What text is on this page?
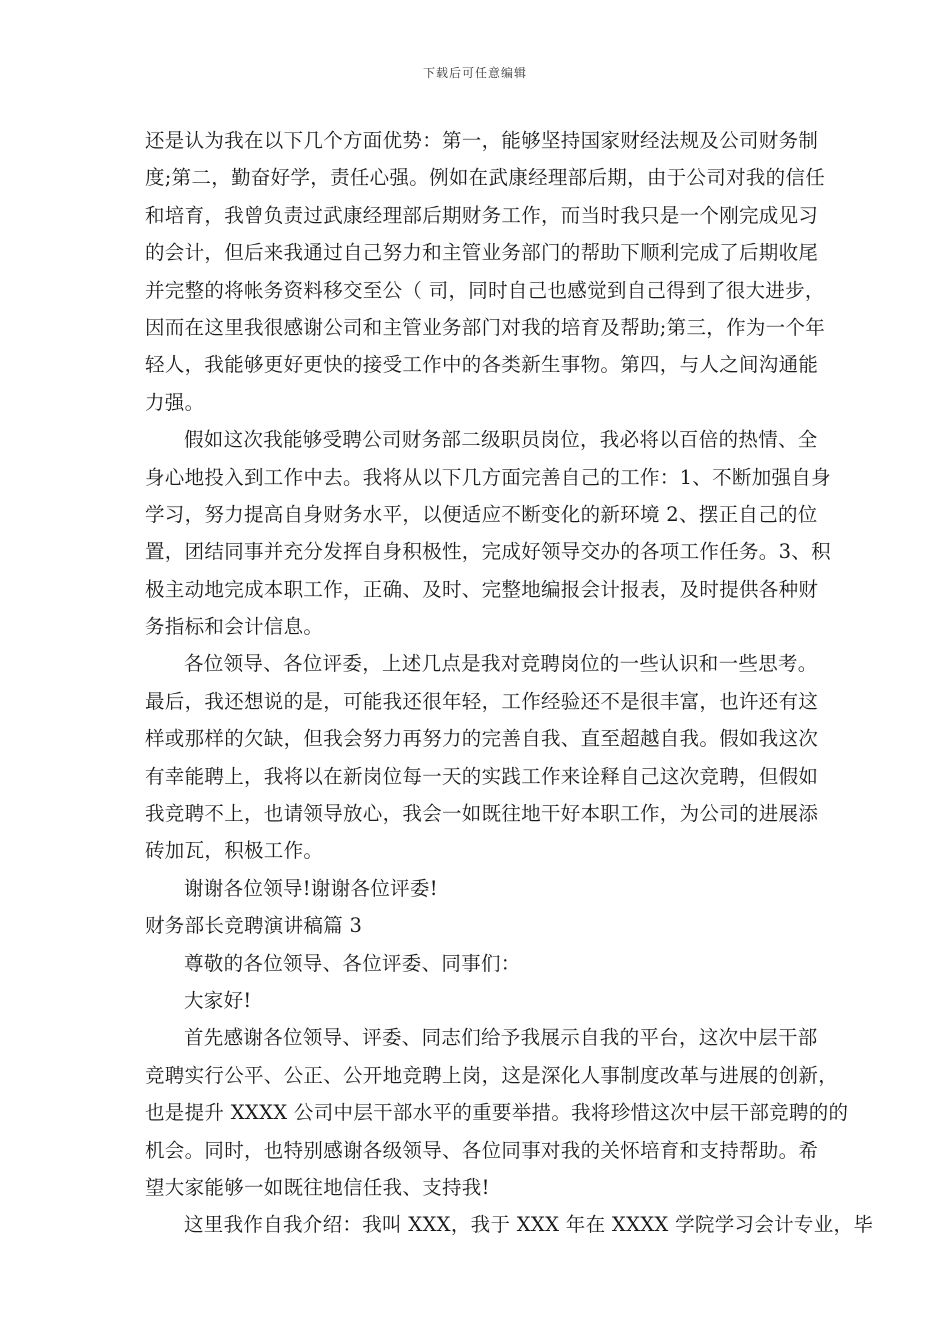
下载后可任意编辑
还是认为我在以下几个方面优势：第一，能够坚持国家财经法规及公司财务制
度;第二，勤奋好学，责任心强。例如在武康经理部后期，由于公司对我的信任
和培育，我曾负责过武康经理部后期财务工作，而当时我只是一个刚完成见习
的会计，但后来我通过自己努力和主管业务部门的帮助下顺利完成了后期收尾
并完整的将帐务资料移交至公（ 司，同时自己也感觉到自己得到了很大进步，
因而在这里我很感谢公司和主管业务部门对我的培育及帮助;第三，作为一个年
轻人，我能够更好更快的接受工作中的各类新生事物。第四，与人之间沟通能
力强。
假如这次我能够受聘公司财务部二级职员岗位，我必将以百倍的热情、全
身心地投入到工作中去。我将从以下几方面完善自己的工作：1、不断加强自身
学习，努力提高自身财务水平，以便适应不断变化的新环境 2、摆正自己的位
置，团结同事并充分发挥自身积极性，完成好领导交办的各项工作任务。3、积
极主动地完成本职工作，正确、及时、完整地编报会计报表，及时提供各种财
务指标和会计信息。
各位领导、各位评委，上述几点是我对竞聘岗位的一些认识和一些思考。
最后，我还想说的是，可能我还很年轻，工作经验还不是很丰富，也许还有这
样或那样的欠缺，但我会努力再努力的完善自我、直至超越自我。假如我这次
有幸能聘上，我将以在新岗位每一天的实践工作来诠释自己这次竞聘，但假如
我竞聘不上，也请领导放心，我会一如既往地干好本职工作，为公司的进展添
砖加瓦，积极工作。
谢谢各位领导!谢谢各位评委!
财务部长竞聘演讲稿篇 3
尊敬的各位领导、各位评委、同事们：
大家好!
首先感谢各位领导、评委、同志们给予我展示自我的平台，这次中层干部
竞聘实行公平、公正、公开地竞聘上岗，这是深化人事制度改革与进展的创新，
也是提升 XXXX 公司中层干部水平的重要举措。我将珍惜这次中层干部竞聘的的
机会。同时，也特别感谢各级领导、各位同事对我的关怀培育和支持帮助。希
望大家能够一如既往地信任我、支持我!
这里我作自我介绍：我叫 XXX，我于 XXX 年在 XXXX 学院学习会计专业，毕
